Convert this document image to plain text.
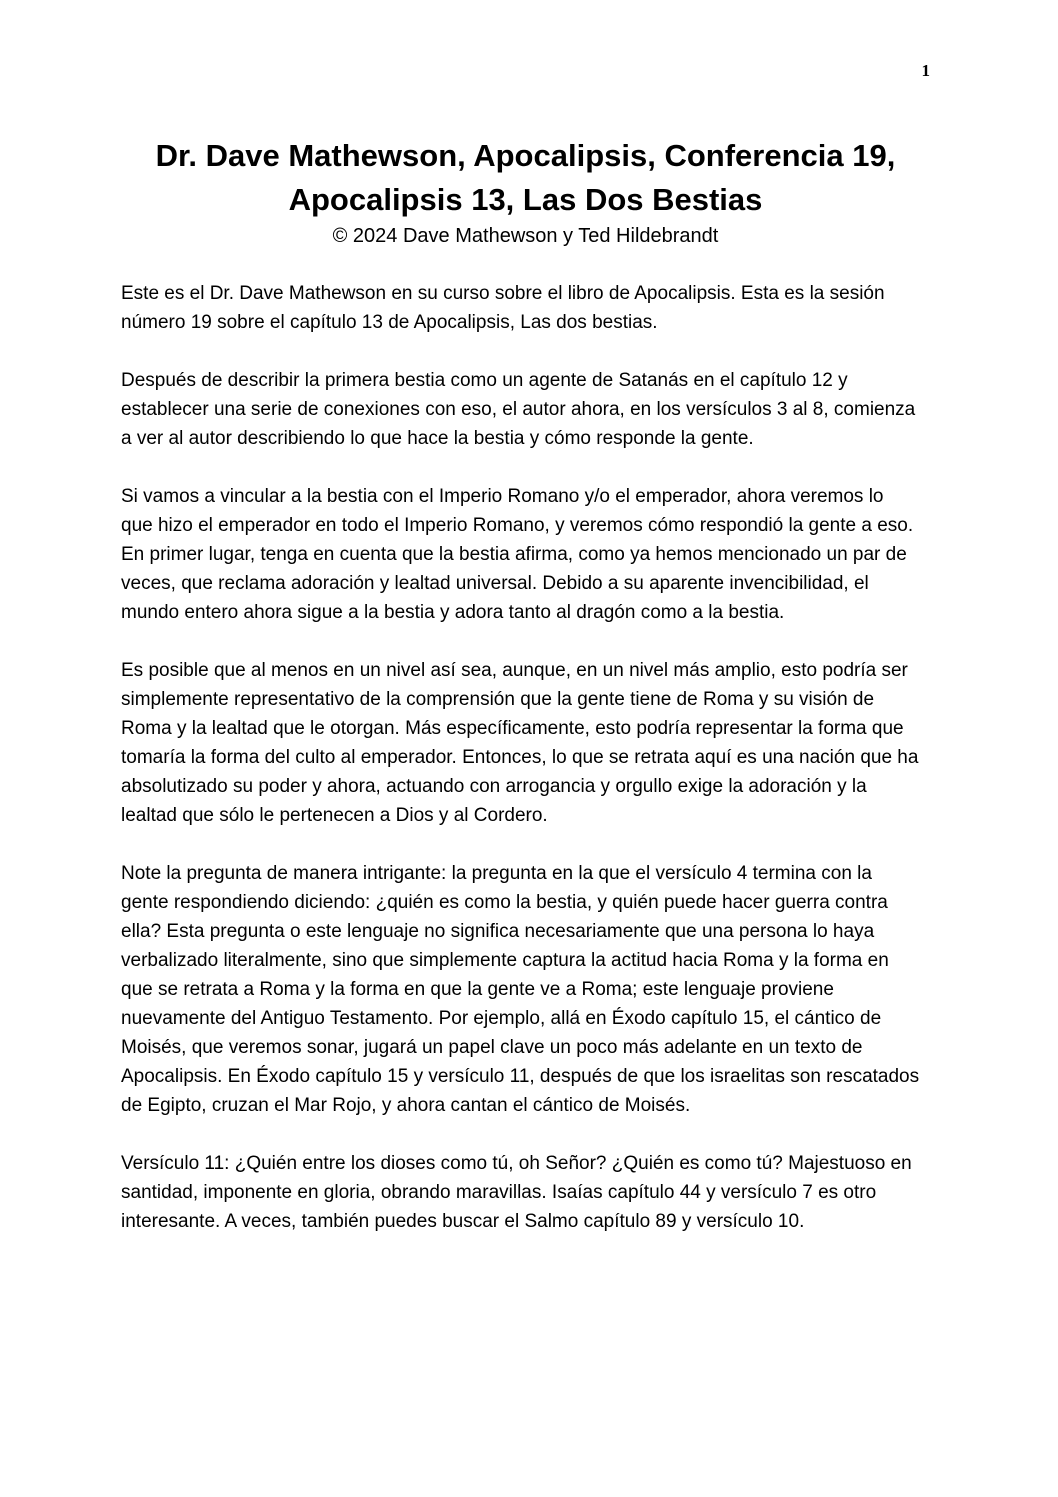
1
Dr. Dave Mathewson, Apocalipsis, Conferencia 19,
Apocalipsis 13, Las Dos Bestias
© 2024 Dave Mathewson y Ted Hildebrandt

Este es el Dr. Dave Mathewson en su curso sobre el libro de Apocalipsis. Esta es la sesión número 19 sobre el capítulo 13 de Apocalipsis, Las dos bestias.

Después de describir la primera bestia como un agente de Satanás en el capítulo 12 y establecer una serie de conexiones con eso, el autor ahora, en los versículos 3 al 8, comienza a ver al autor describiendo lo que hace la bestia y cómo responde la gente.

Si vamos a vincular a la bestia con el Imperio Romano y/o el emperador, ahora veremos lo que hizo el emperador en todo el Imperio Romano, y veremos cómo respondió la gente a eso. En primer lugar, tenga en cuenta que la bestia afirma, como ya hemos mencionado un par de veces, que reclama adoración y lealtad universal. Debido a su aparente invencibilidad, el mundo entero ahora sigue a la bestia y adora tanto al dragón como a la bestia.

Es posible que al menos en un nivel así sea, aunque, en un nivel más amplio, esto podría ser simplemente representativo de la comprensión que la gente tiene de Roma y su visión de Roma y la lealtad que le otorgan. Más específicamente, esto podría representar la forma que tomaría la forma del culto al emperador. Entonces, lo que se retrata aquí es una nación que ha absolutizado su poder y ahora, actuando con arrogancia y orgullo exige la adoración y la lealtad que sólo le pertenecen a Dios y al Cordero.

Note la pregunta de manera intrigante: la pregunta en la que el versículo 4 termina con la gente respondiendo diciendo: ¿quién es como la bestia, y quién puede hacer guerra contra ella? Esta pregunta o este lenguaje no significa necesariamente que una persona lo haya verbalizado literalmente, sino que simplemente captura la actitud hacia Roma y la forma en que se retrata a Roma y la forma en que la gente ve a Roma; este lenguaje proviene nuevamente del Antiguo Testamento. Por ejemplo, allá en Éxodo capítulo 15, el cántico de Moisés, que veremos sonar, jugará un papel clave un poco más adelante en un texto de Apocalipsis. En Éxodo capítulo 15 y versículo 11, después de que los israelitas son rescatados de Egipto, cruzan el Mar Rojo, y ahora cantan el cántico de Moisés.

Versículo 11: ¿Quién entre los dioses como tú, oh Señor? ¿Quién es como tú? Majestuoso en santidad, imponente en gloria, obrando maravillas. Isaías capítulo 44 y versículo 7 es otro interesante. A veces, también puedes buscar el Salmo capítulo 89 y versículo 10.
